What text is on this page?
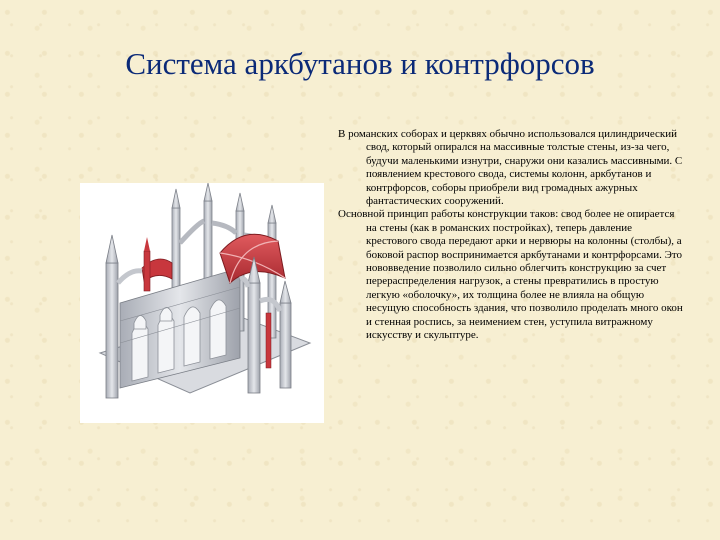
Система аркбутанов и контрфорсов

В романских соборах и церквях обычно использовался цилиндрический свод, который опирался на массивные толстые стены, из-за чего, будучи маленькими изнутри, снаружи они казались массивными. С появлением крестового свода, системы колонн, аркбутанов и контрфорсов, соборы приобрели вид громадных ажурных фантастических сооружений.

Основной принцип работы конструкции таков: свод более не опирается на стены (как в романских постройках), теперь давление крестового свода передают арки и нервюры на колонны (столбы), а боковой распор воспринимается аркбутанами и контрфорсами. Это нововведение позволило сильно облегчить конструкцию за счет перераспределения нагрузок, а стены превратились в простую легкую «оболочку», их толщина более не влияла на общую несущую способность здания, что позволило проделать много окон и стенная роспись, за неимением стен, уступила витражному искусству и скульптуре.
